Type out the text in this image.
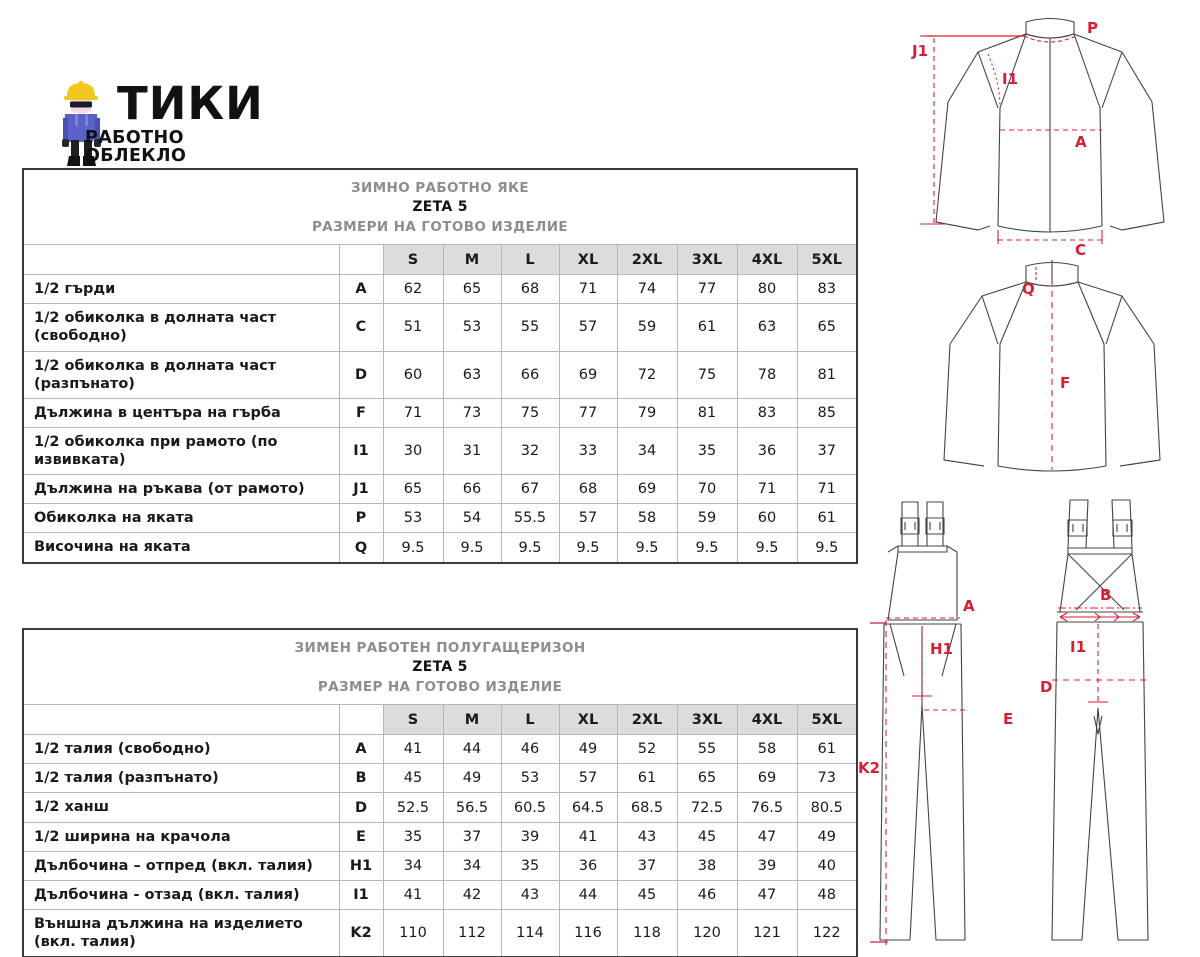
ТИКИ
РАБОТНО ОБЛЕКЛО
ЗИМНО РАБОТНО ЯКЕ
ZETA 5
РАЗМЕРИ НА ГОТОВО ИЗДЕЛИЕ									

		S	M	L	XL	2XL	3XL	4XL	5XL
1/2 гърди	A	62	65	68	71	74	77	80	83
1/2 обиколка в долната част (свободно)	C	51	53	55	57	59	61	63	65
1/2 обиколка в долната част (разпънато)	D	60	63	66	69	72	75	78	81
Дължина в центъра на гърба	F	71	73	75	77	79	81	83	85
1/2 обиколка при рамото (по извивката)	I1	30	31	32	33	34	35	36	37
Дължина на ръкава (от рамото)	J1	65	66	67	68	69	70	71	71
Обиколка на яката	P	53	54	55.5	57	58	59	60	61
Височина на яката	Q	9.5	9.5	9.5	9.5	9.5	9.5	9.5	9.5
ЗИМЕН РАБОТЕН ПОЛУГАЩЕРИЗОН
ZETA 5
РАЗМЕР НА ГОТОВО ИЗДЕЛИЕ									

		S	M	L	XL	2XL	3XL	4XL	5XL
1/2 талия (свободно)	A	41	44	46	49	52	55	58	61
1/2 талия (разпънато)	B	45	49	53	57	61	65	69	73
1/2 ханш	D	52.5	56.5	60.5	64.5	68.5	72.5	76.5	80.5
1/2 ширина на крачола	E	35	37	39	41	43	45	47	49
Дълбочина – отпред (вкл. талия)	H1	34	34	35	36	37	38	39	40
Дълбочина - отзад (вкл. талия)	I1	41	42	43	44	45	46	47	48
Външна дължина на изделието
(вкл. талия)	K2	110	112	114	116	118	120	121	122
J1
P
I1
A
C
Q
F
A
H1
E
K2
B
I1
D
